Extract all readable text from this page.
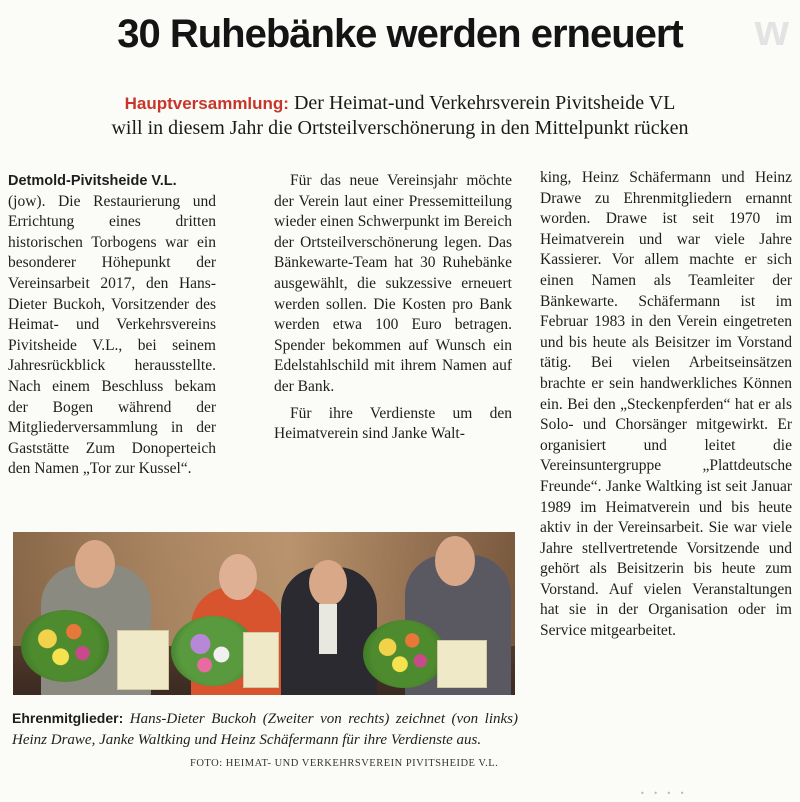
w
30 Ruhebänke werden erneuert
Hauptversammlung: Der Heimat-und Verkehrsverein Pivitsheide VL
will in diesem Jahr die Ortsteilverschönerung in den Mittelpunkt rücken

Detmold-Pivitsheide V.L.
(jow). Die Restaurierung und Errichtung eines dritten historischen Torbogens war ein besonderer Höhepunkt der Vereinsarbeit 2017, den Hans-Dieter Buckoh, Vorsitzender des Heimat- und Verkehrsvereins Pivitsheide V.L., bei seinem Jahresrückblick herausstellte. Nach einem Beschluss bekam der Bogen während der Mitgliederversammlung in der Gaststätte Zum Donoperteich den Namen „Tor zur Kussel“.

Für das neue Vereinsjahr möchte der Verein laut einer Pressemitteilung wieder einen Schwerpunkt im Bereich der Ortsteilverschönerung legen. Das Bänkewarte-Team hat 30 Ruhebänke ausgewählt, die sukzessive erneuert werden sollen. Die Kosten pro Bank werden etwa 100 Euro betragen. Spender bekommen auf Wunsch ein Edelstahlschild mit ihrem Namen auf der Bank.

Für ihre Verdienste um den Heimatverein sind Janke Walt-

king, Heinz Schäfermann und Heinz Drawe zu Ehrenmitgliedern ernannt worden. Drawe ist seit 1970 im Heimatverein und war viele Jahre Kassierer. Vor allem machte er sich einen Namen als Teamleiter der Bänkewarte. Schäfermann ist im Februar 1983 in den Verein eingetreten und bis heute als Beisitzer im Vorstand tätig. Bei vielen Arbeitseinsätzen brachte er sein handwerkliches Können ein. Bei den „Steckenpferden“ hat er als Solo- und Chorsänger mitgewirkt. Er organisiert und leitet die Vereinsuntergruppe „Plattdeutsche Freunde“. Janke Waltking ist seit Januar 1989 im Heimatverein und bis heute aktiv in der Vereinsarbeit. Sie war viele Jahre stellvertretende Vorsitzende und gehört als Beisitzerin bis heute zum Vorstand. Auf vielen Veranstaltungen hat sie in der Organisation oder im Service mitgearbeitet.

Ehrenmitglieder: Hans-Dieter Buckoh (Zweiter von rechts) zeichnet (von links) Heinz Drawe, Janke Waltking und Heinz Schäfermann für ihre Verdienste aus.
FOTO: HEIMAT- UND VERKEHRSVEREIN PIVITSHEIDE V.L.
• • • •
